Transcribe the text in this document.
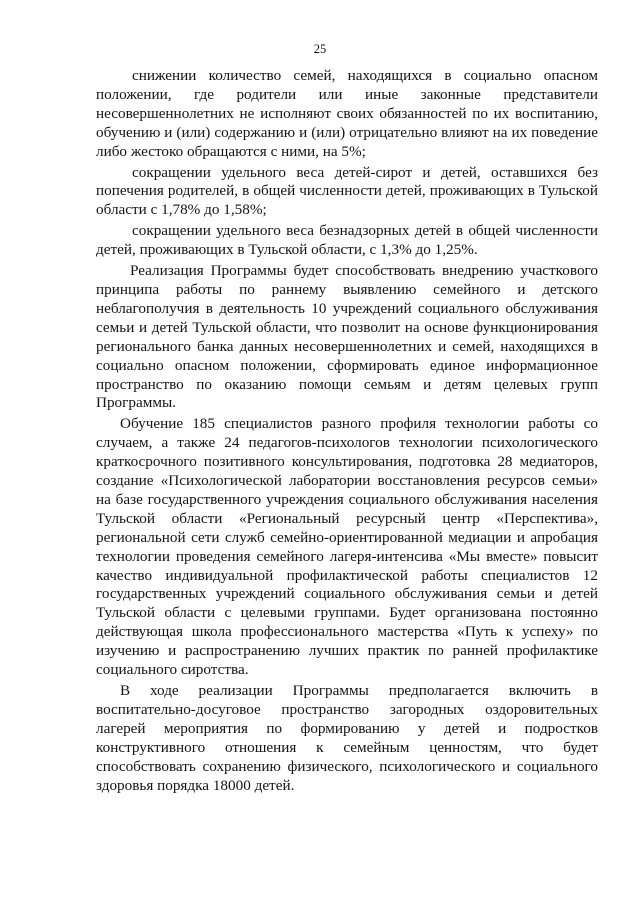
25

снижении количество семей, находящихся в социально опасном положении, где родители или иные законные представители несовершеннолетних не исполняют своих обязанностей по их воспитанию, обучению и (или) содержанию и (или) отрицательно влияют на их поведение либо жестоко обращаются с ними, на 5%;

сокращении удельного веса детей-сирот и детей, оставшихся без попечения родителей, в общей численности детей, проживающих в Тульской области с 1,78% до 1,58%;

сокращении удельного веса безнадзорных детей в общей численности детей, проживающих в Тульской области, с 1,3% до 1,25%.

Реализация Программы будет способствовать внедрению участкового принципа работы по раннему выявлению семейного и детского неблагополучия в деятельность 10 учреждений социального обслуживания семьи и детей Тульской области, что позволит на основе функционирования регионального банка данных несовершеннолетних и семей, находящихся в социально опасном положении, сформировать единое информационное пространство по оказанию помощи семьям и детям целевых групп Программы.

Обучение 185 специалистов разного профиля технологии работы со случаем, а также 24 педагогов-психологов технологии психологического краткосрочного позитивного консультирования, подготовка 28 медиаторов, создание «Психологической лаборатории восстановления ресурсов семьи» на базе государственного учреждения социального обслуживания населения Тульской области «Региональный ресурсный центр «Перспектива», региональной сети служб семейно-ориентированной медиации и апробация технологии проведения семейного лагеря-интенсива «Мы вместе» повысит качество индивидуальной профилактической работы специалистов 12 государственных учреждений социального обслуживания семьи и детей Тульской области с целевыми группами. Будет организована постоянно действующая школа профессионального мастерства «Путь к успеху» по изучению и распространению лучших практик по ранней профилактике социального сиротства.

В ходе реализации Программы предполагается включить в воспитательно-досуговое пространство загородных оздоровительных лагерей мероприятия по формированию у детей и подростков конструктивного отношения к семейным ценностям, что будет способствовать сохранению физического, психологического и социального здоровья порядка 18000 детей.
